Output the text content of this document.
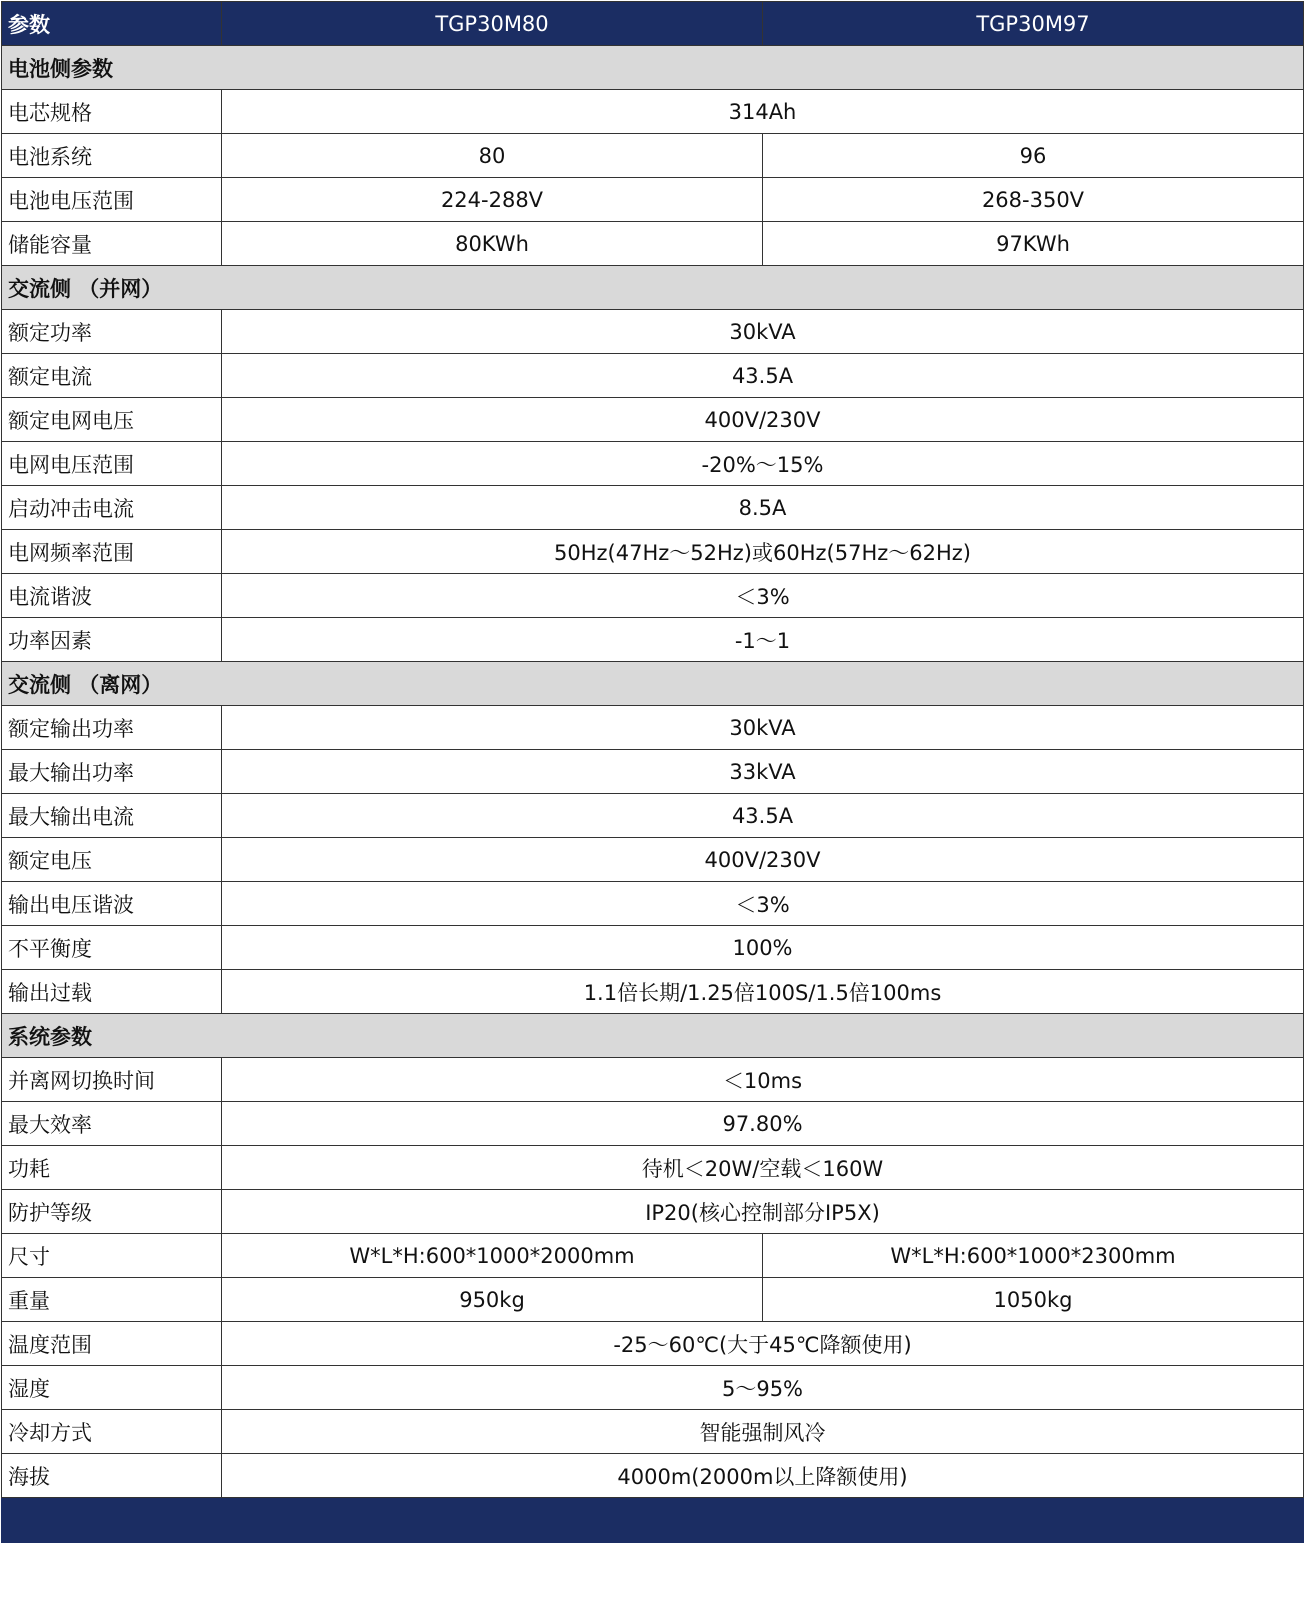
参数	TGP30M80	TGP30M97
电池侧参数		
电芯规格	314Ah	
电池系统	80	96
电池电压范围	224-288V	268-350V
储能容量	80KWh	97KWh
交流侧 （并网）		
额定功率	30kVA	
额定电流	43.5A	
额定电网电压	400V/230V	
电网电压范围	-20%～15%	
启动冲击电流	8.5A	
电网频率范围	50Hz(47Hz～52Hz)或60Hz(57Hz～62Hz)	
电流谐波	＜3%	
功率因素	-1～1	
交流侧 （离网）		
额定输出功率	30kVA	
最大输出功率	33kVA	
最大输出电流	43.5A	
额定电压	400V/230V	
输出电压谐波	＜3%	
不平衡度	100%	
输出过载	1.1倍长期/1.25倍100S/1.5倍100ms	
系统参数		
并离网切换时间	＜10ms	
最大效率	97.80%	
功耗	待机＜20W/空载＜160W	
防护等级	IP20(核心控制部分IP5X)	
尺寸	W*L*H:600*1000*2000mm	W*L*H:600*1000*2300mm
重量	950kg	1050kg
温度范围	-25～60℃(大于45℃降额使用)	
湿度	5～95%	
冷却方式	智能强制风冷	
海拔	4000m(2000m以上降额使用)	
